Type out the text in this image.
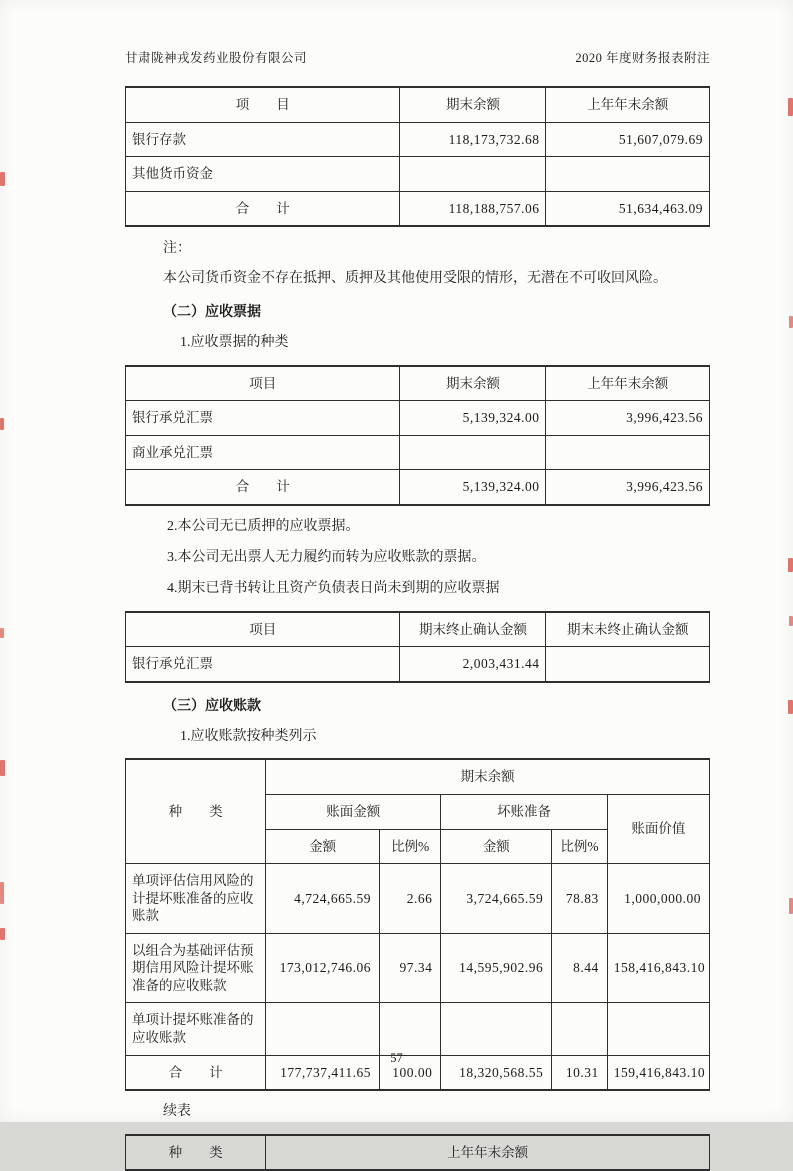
甘肃陇神戎发药业股份有限公司	2020 年度财务报表附注
项　　目	期末余额	上年年末余额
银行存款	118,173,732.68	51,607,079.69
其他货币资金		
合　　计	118,188,757.06	51,634,463.09

注：

本公司货币资金不存在抵押、质押及其他使用受限的情形，无潜在不可收回风险。

（二）应收票据

1.应收票据的种类

项目	期末余额	上年年末余额
银行承兑汇票	5,139,324.00	3,996,423.56
商业承兑汇票		
合　　计	5,139,324.00	3,996,423.56

2.本公司无已质押的应收票据。

3.本公司无出票人无力履约而转为应收账款的票据。

4.期末已背书转让且资产负债表日尚未到期的应收票据

项目	期末终止确认金额	期末未终止确认金额
银行承兑汇票	2,003,431.44	

（三）应收账款

1.应收账款按种类列示

种　　类	期末余额				
	账面金额		坏账准备		账面价值
	金额	比例%	金额	比例%	
单项评估信用风险的计提坏账准备的应收账款	4,724,665.59	2.66	3,724,665.59	78.83	1,000,000.00
以组合为基础评估预期信用风险计提坏账准备的应收账款	173,012,746.06	97.34	14,595,902.96	8.44	158,416,843.10
单项计提坏账准备的应收账款					
合　　计	177,737,411.65	100.00	18,320,568.55	10.31	159,416,843.10

续表

种　　类	上年年末余额
57
